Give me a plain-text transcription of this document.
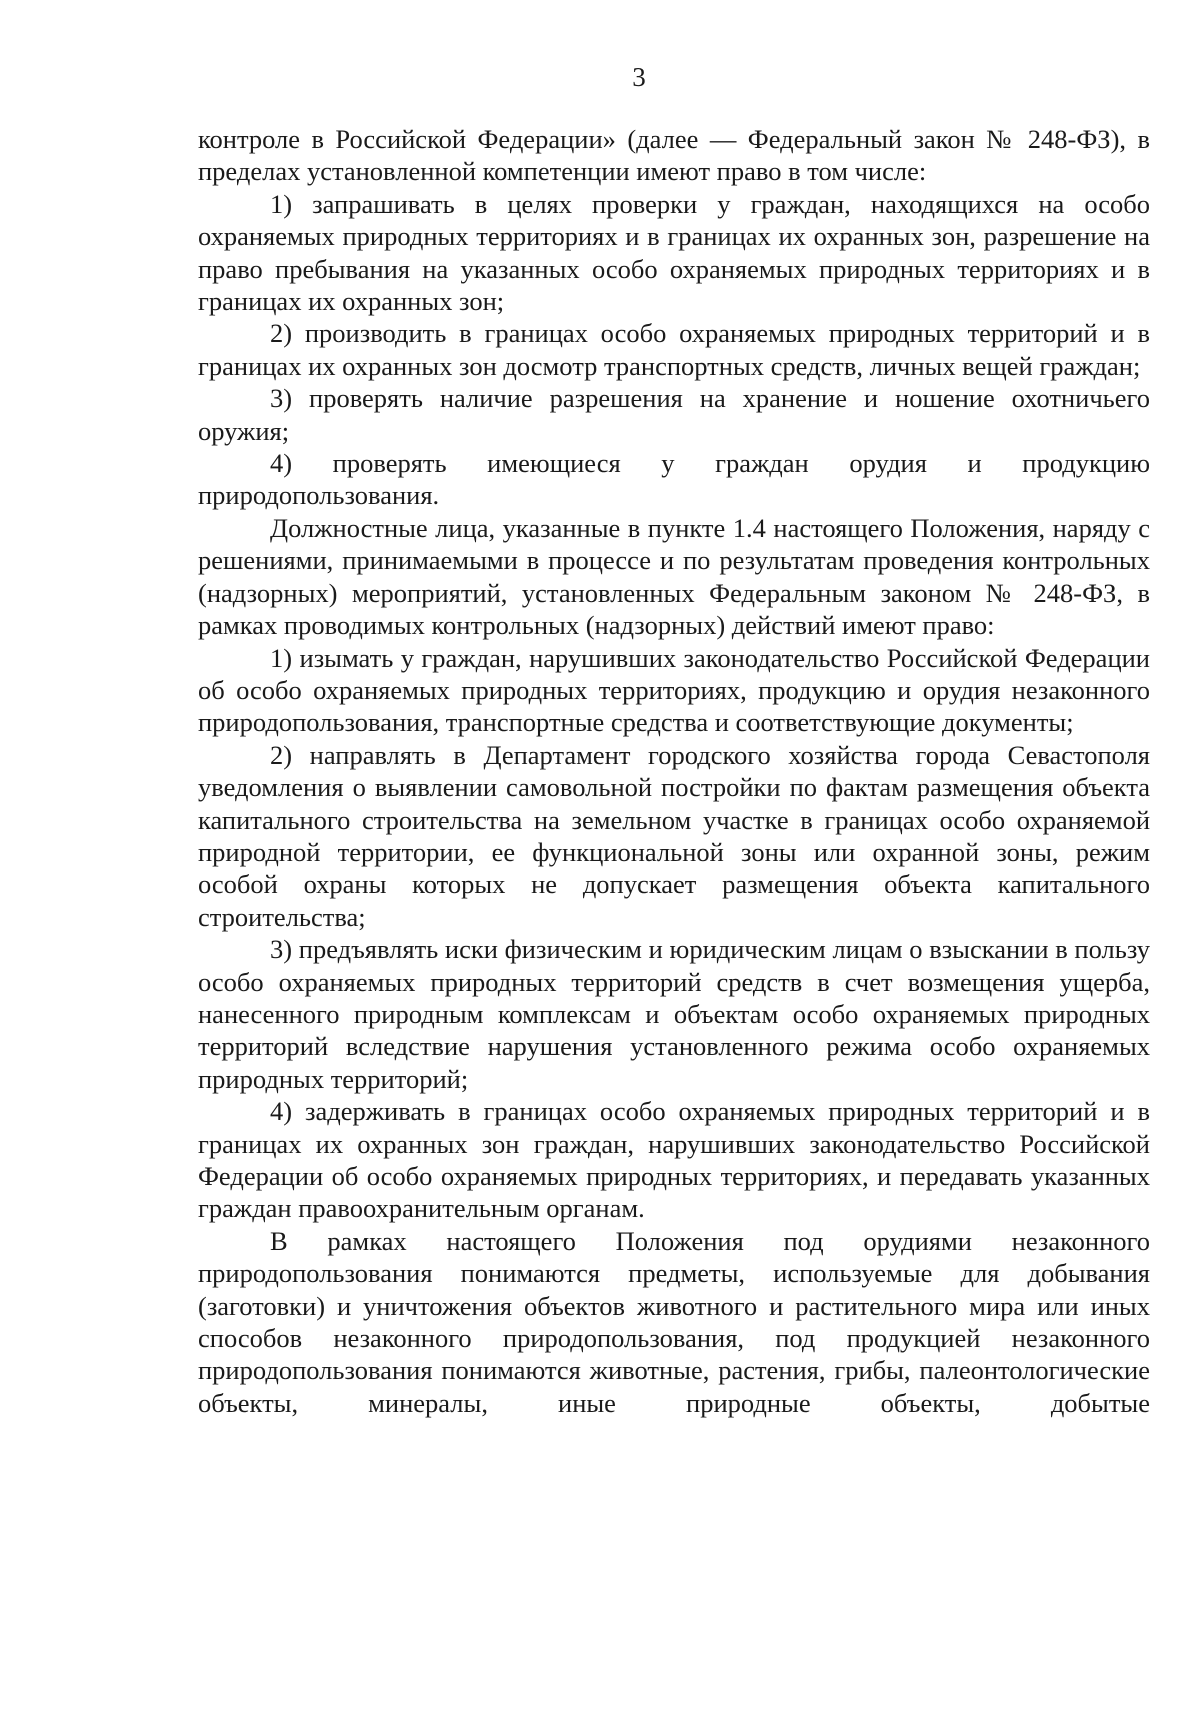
3

контроле в Российской Федерации» (далее — Федеральный закон № 248-ФЗ), в пределах установленной компетенции имеют право в том числе:

1) запрашивать в целях проверки у граждан, находящихся на особо охраняемых природных территориях и в границах их охранных зон, разрешение на право пребывания на указанных особо охраняемых природных территориях и в границах их охранных зон;

2) производить в границах особо охраняемых природных территорий и в границах их охранных зон досмотр транспортных средств, личных вещей граждан;

3) проверять наличие разрешения на хранение и ношение охотничьего оружия;

4) проверять имеющиеся у граждан орудия и продукцию природопользования.

Должностные лица, указанные в пункте 1.4 настоящего Положения, наряду с решениями, принимаемыми в процессе и по результатам проведения контрольных (надзорных) мероприятий, установленных Федеральным законом № 248-ФЗ, в рамках проводимых контрольных (надзорных) действий имеют право:

1) изымать у граждан, нарушивших законодательство Российской Федерации об особо охраняемых природных территориях, продукцию и орудия незаконного природопользования, транспортные средства и соответствующие документы;

2) направлять в Департамент городского хозяйства города Севастополя уведомления о выявлении самовольной постройки по фактам размещения объекта капитального строительства на земельном участке в границах особо охраняемой природной территории, ее функциональной зоны или охранной зоны, режим особой охраны которых не допускает размещения объекта капитального строительства;

3) предъявлять иски физическим и юридическим лицам о взыскании в пользу особо охраняемых природных территорий средств в счет возмещения ущерба, нанесенного природным комплексам и объектам особо охраняемых природных территорий вследствие нарушения установленного режима особо охраняемых природных территорий;

4) задерживать в границах особо охраняемых природных территорий и в границах их охранных зон граждан, нарушивших законодательство Российской Федерации об особо охраняемых природных территориях, и передавать указанных граждан правоохранительным органам.

В рамках настоящего Положения под орудиями незаконного природопользования понимаются предметы, используемые для добывания (заготовки) и уничтожения объектов животного и растительного мира или иных способов незаконного природопользования, под продукцией незаконного природопользования понимаются животные, растения, грибы, палеонтологические объекты, минералы, иные природные объекты, добытые
